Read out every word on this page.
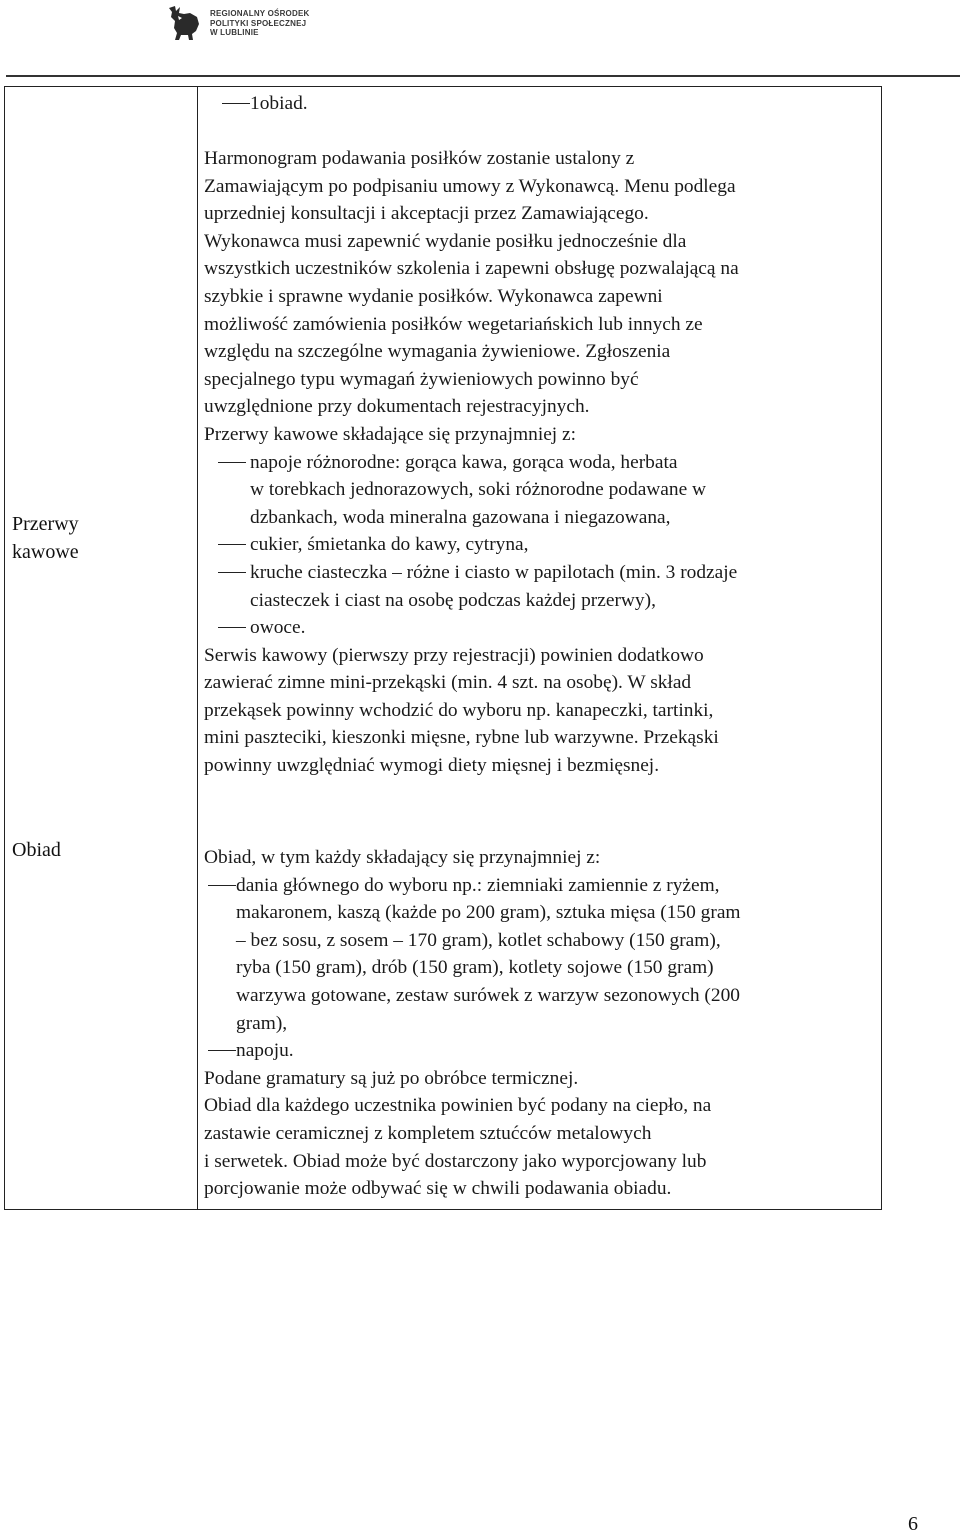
REGIONALNY OŚRODEK
POLITYKI SPOŁECZNEJ
W LUBLINIE
Przerwy
kawowe
Obiad
1obiad.
Harmonogram podawania posiłków zostanie ustalony z
Zamawiającym po podpisaniu umowy z Wykonawcą. Menu podlega
uprzedniej konsultacji i akceptacji przez Zamawiającego.
Wykonawca musi zapewnić wydanie posiłku jednocześnie dla
wszystkich uczestników szkolenia i zapewni obsługę pozwalającą na
szybkie i sprawne wydanie posiłków. Wykonawca zapewni
możliwość zamówienia posiłków wegetariańskich lub innych ze
względu na szczególne wymagania żywieniowe. Zgłoszenia
specjalnego typu wymagań żywieniowych powinno być
uwzględnione przy dokumentach rejestracyjnych.
Przerwy kawowe składające się przynajmniej z:
napoje różnorodne: gorąca kawa, gorąca woda, herbata
w torebkach jednorazowych, soki różnorodne podawane w
dzbankach, woda mineralna gazowana i niegazowana,
cukier, śmietanka do kawy, cytryna,
kruche ciasteczka – różne i ciasto w papilotach (min. 3 rodzaje
ciasteczek i ciast na osobę podczas każdej przerwy),
owoce.
Serwis kawowy (pierwszy przy rejestracji) powinien dodatkowo
zawierać zimne mini-przekąski (min. 4 szt. na osobę). W skład
przekąsek powinny wchodzić do wyboru np. kanapeczki, tartinki,
mini paszteciki, kieszonki mięsne, rybne lub warzywne. Przekąski
powinny uwzględniać wymogi diety mięsnej i bezmięsnej.
Obiad, w tym każdy składający się przynajmniej z:
dania głównego do wyboru np.: ziemniaki zamiennie z ryżem,
makaronem, kaszą (każde po 200 gram), sztuka mięsa (150 gram
– bez sosu, z sosem – 170 gram), kotlet schabowy (150 gram),
ryba (150 gram), drób (150 gram), kotlety sojowe (150 gram)
warzywa gotowane, zestaw surówek z warzyw sezonowych (200
gram),
napoju.
Podane gramatury są już po obróbce termicznej.
Obiad dla każdego uczestnika powinien być podany na ciepło, na
zastawie ceramicznej z kompletem sztućców metalowych
i serwetek. Obiad może być dostarczony jako wyporcjowany lub
porcjowanie może odbywać się w chwili podawania obiadu.
6
